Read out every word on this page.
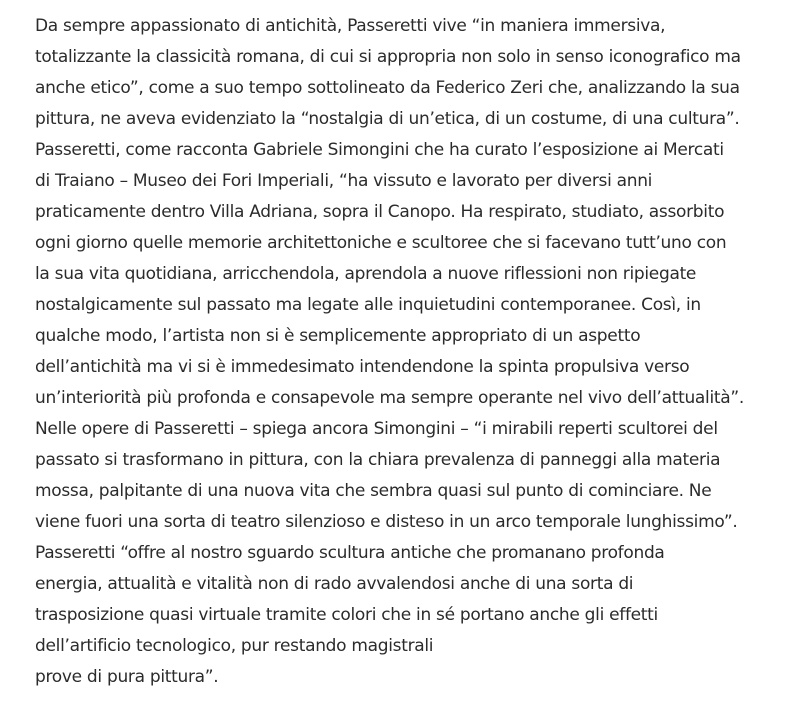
Da sempre appassionato di antichità, Passeretti vive “in maniera immersiva,
totalizzante la classicità romana, di cui si appropria non solo in senso iconografico ma
anche etico”, come a suo tempo sottolineato da Federico Zeri che, analizzando la sua
pittura, ne aveva evidenziato la “nostalgia di un’etica, di un costume, di una cultura”.
Passeretti, come racconta Gabriele Simongini che ha curato l’esposizione ai Mercati
di Traiano – Museo dei Fori Imperiali, “ha vissuto e lavorato per diversi anni
praticamente dentro Villa Adriana, sopra il Canopo. Ha respirato, studiato, assorbito
ogni giorno quelle memorie architettoniche e scultoree che si facevano tutt’uno con
la sua vita quotidiana, arricchendola, aprendola a nuove riflessioni non ripiegate
nostalgicamente sul passato ma legate alle inquietudini contemporanee. Così, in
qualche modo, l’artista non si è semplicemente appropriato di un aspetto
dell’antichità ma vi si è immedesimato intendendone la spinta propulsiva verso
un’interiorità più profonda e consapevole ma sempre operante nel vivo dell’attualità”.
Nelle opere di Passeretti – spiega ancora Simongini – “i mirabili reperti scultorei del
passato si trasformano in pittura, con la chiara prevalenza di panneggi alla materia
mossa, palpitante di una nuova vita che sembra quasi sul punto di cominciare. Ne
viene fuori una sorta di teatro silenzioso e disteso in un arco temporale lunghissimo”.
Passeretti “offre al nostro sguardo scultura antiche che promanano profonda
energia, attualità e vitalità non di rado avvalendosi anche di una sorta di
trasposizione quasi virtuale tramite colori che in sé portano anche gli effetti
dell’artificio tecnologico, pur restando magistrali
prove di pura pittura”.
